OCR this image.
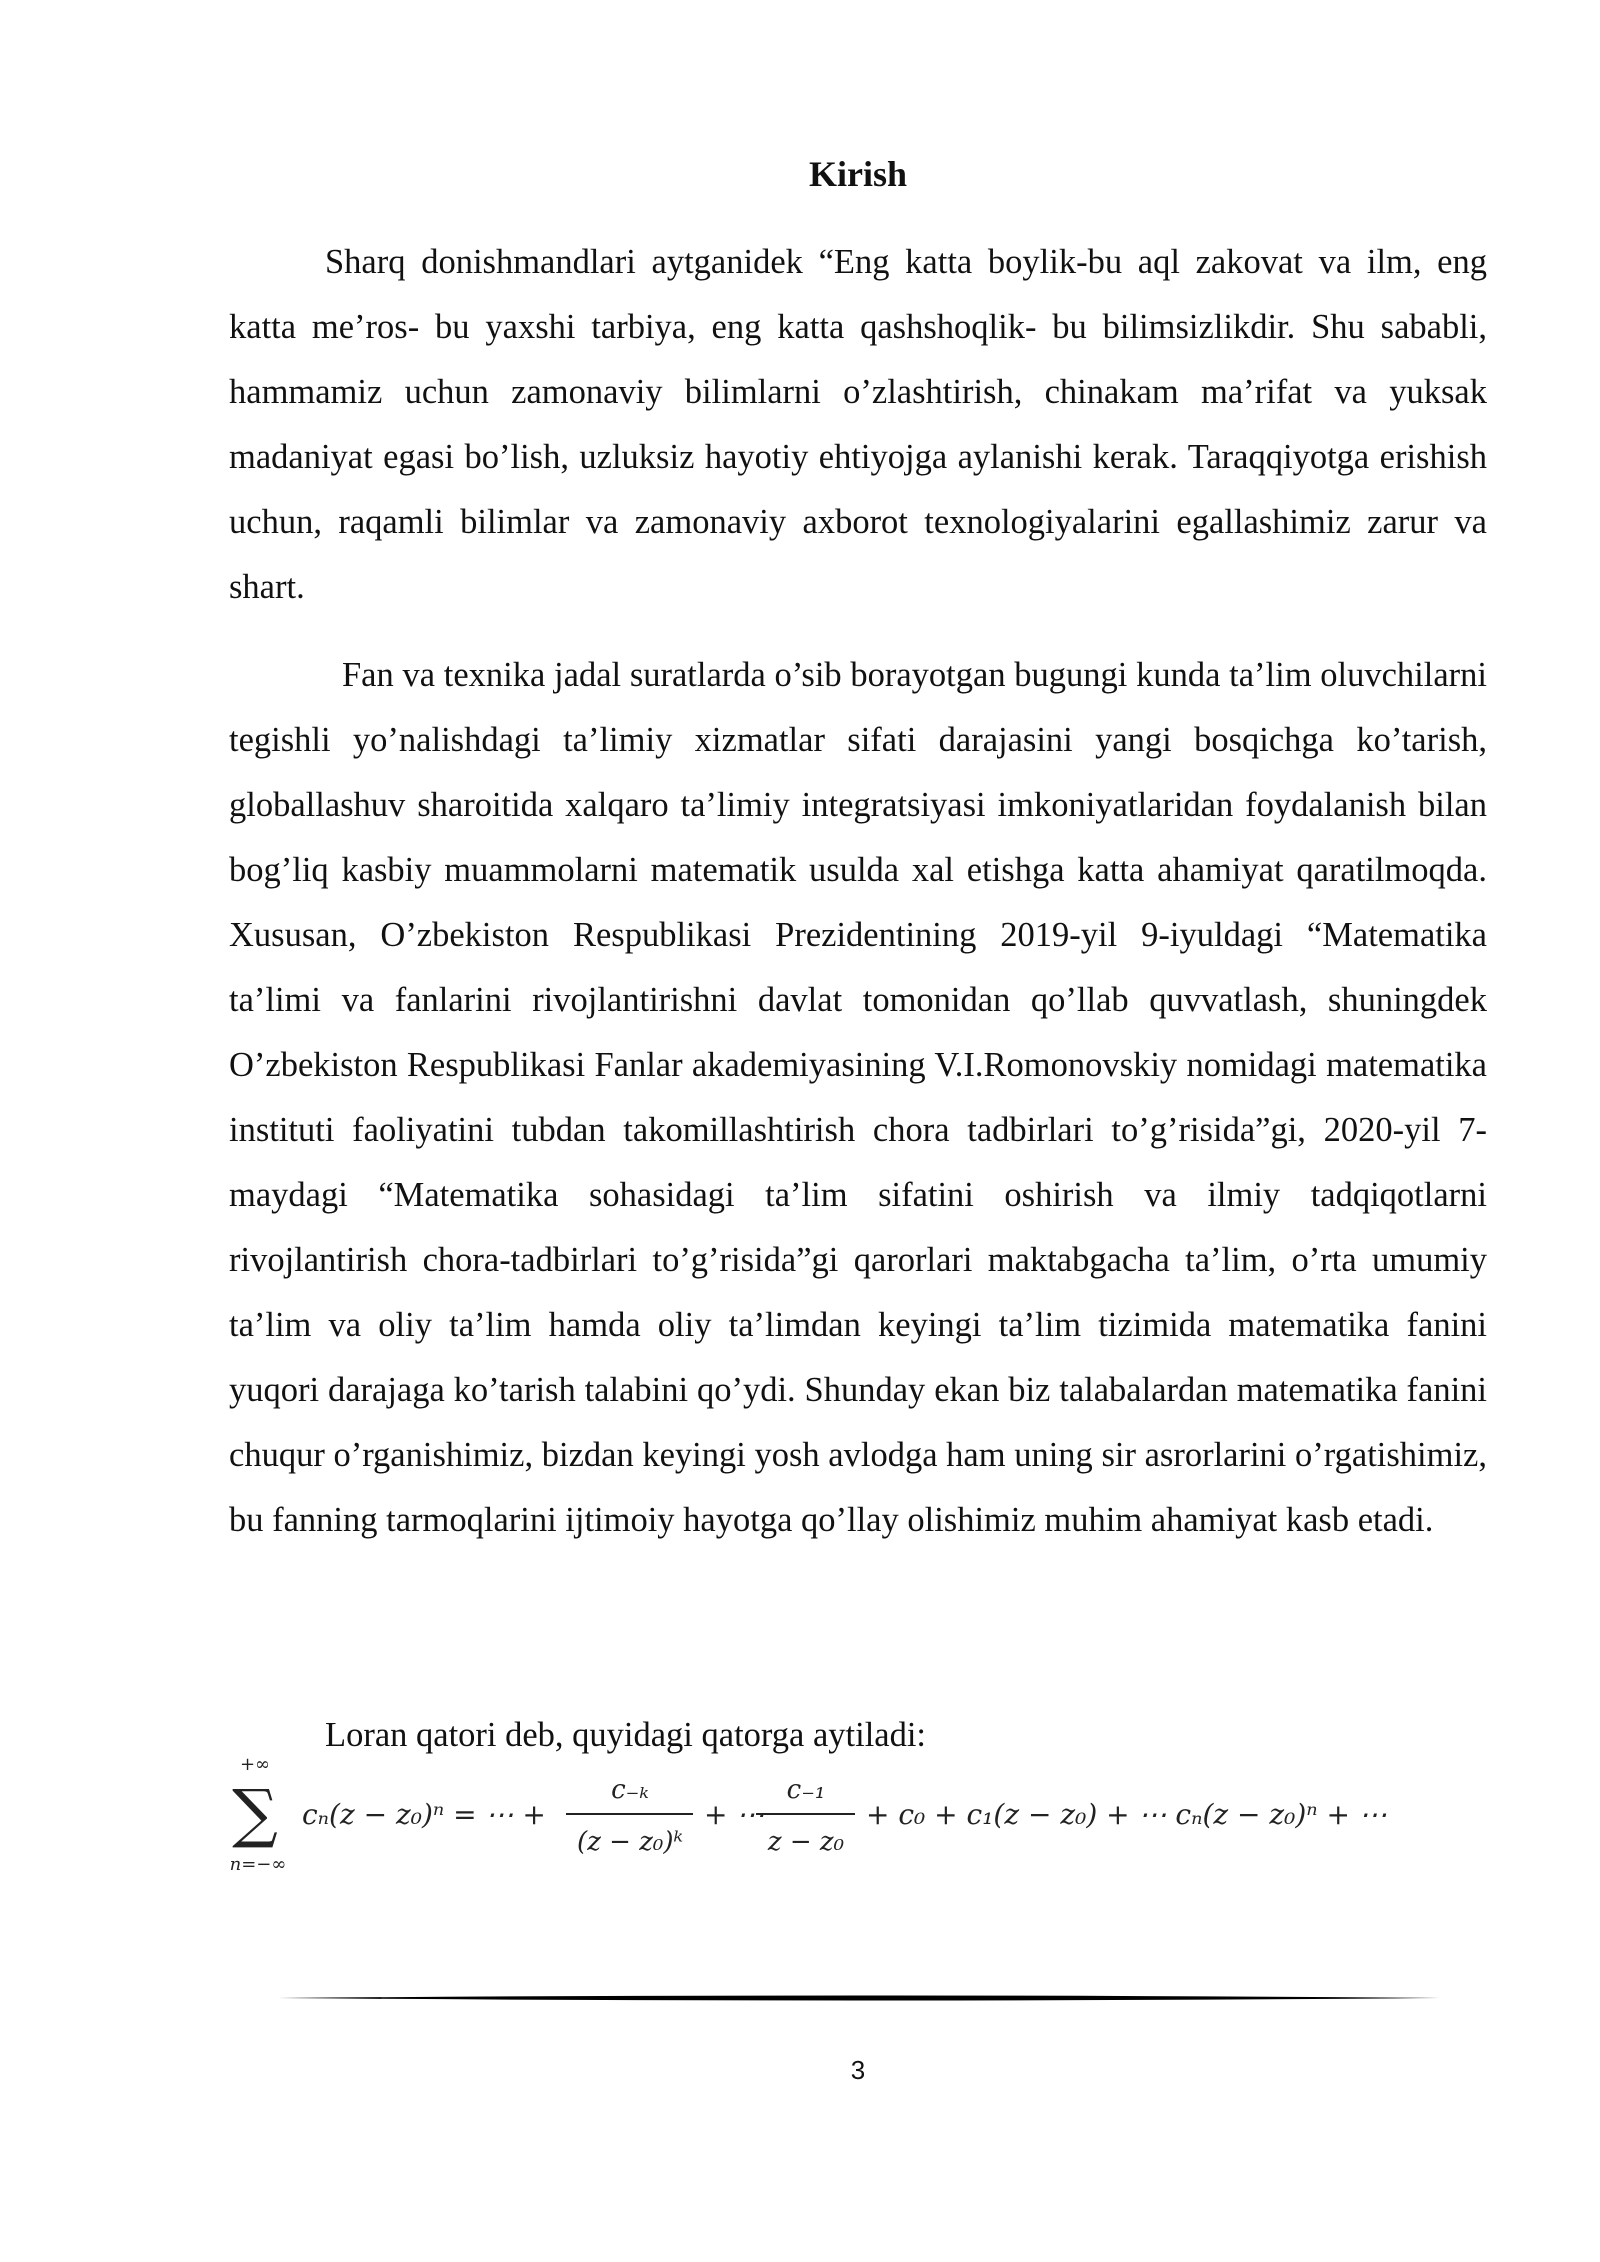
Kirish

Sharq donishmandlari aytganidek “Eng katta boylik-bu aql zakovat va ilm, eng katta me’ros- bu yaxshi tarbiya, eng katta qashshoqlik- bu bilimsizlikdir. Shu sababli, hammamiz uchun zamonaviy bilimlarni o’zlashtirish, chinakam ma’rifat va yuksak madaniyat egasi bo’lish, uzluksiz hayotiy ehtiyojga aylanishi kerak. Taraqqiyotga erishish uchun, raqamli bilimlar va zamonaviy axborot texnologiyalarini egallashimiz zarur va shart.

Fan va texnika jadal suratlarda o’sib borayotgan bugungi kunda ta’lim oluvchilarni tegishli yo’nalishdagi ta’limiy xizmatlar sifati darajasini yangi bosqichga ko’tarish, globallashuv sharoitida xalqaro ta’limiy integratsiyasi imkoniyatlaridan foydalanish bilan bog’liq kasbiy muammolarni matematik usulda xal etishga katta ahamiyat qaratilmoqda. Xususan, O’zbekiston Respublikasi Prezidentining 2019-yil 9-iyuldagi “Matematika ta’limi va fanlarini rivojlantirishni davlat tomonidan qo’llab quvvatlash, shuningdek O’zbekiston Respublikasi Fanlar akademiyasining V.I.Romonovskiy nomidagi matematika instituti faoliyatini tubdan takomillashtirish chora tadbirlari to’g’risida”gi, 2020-yil 7-maydagi “Matematika sohasidagi ta’lim sifatini oshirish va ilmiy tadqiqotlarni rivojlantirish chora-tadbirlari to’g’risida”gi qarorlari maktabgacha ta’lim, o’rta umumiy ta’lim va oliy ta’lim hamda oliy ta’limdan keyingi ta’lim tizimida matematika fanini yuqori darajaga ko’tarish talabini qo’ydi. Shunday ekan biz talabalardan matematika fanini chuqur o’rganishimiz, bizdan keyingi yosh avlodga ham uning sir asrorlarini o’rgatishimiz, bu fanning tarmoqlarini ijtimoiy hayotga qo’llay olishimiz muhim ahamiyat kasb etadi.

Loran qatori deb, quyidagi qatorga aytiladi:

+∞
∑
n=−∞
cₙ(z − z₀)ⁿ = ⋯ +
c₋ₖ
(z − z₀)ᵏ
+ ⋯
c₋₁
z − z₀
+ c₀ + c₁(z − z₀) + ⋯ cₙ(z − z₀)ⁿ + ⋯
3
